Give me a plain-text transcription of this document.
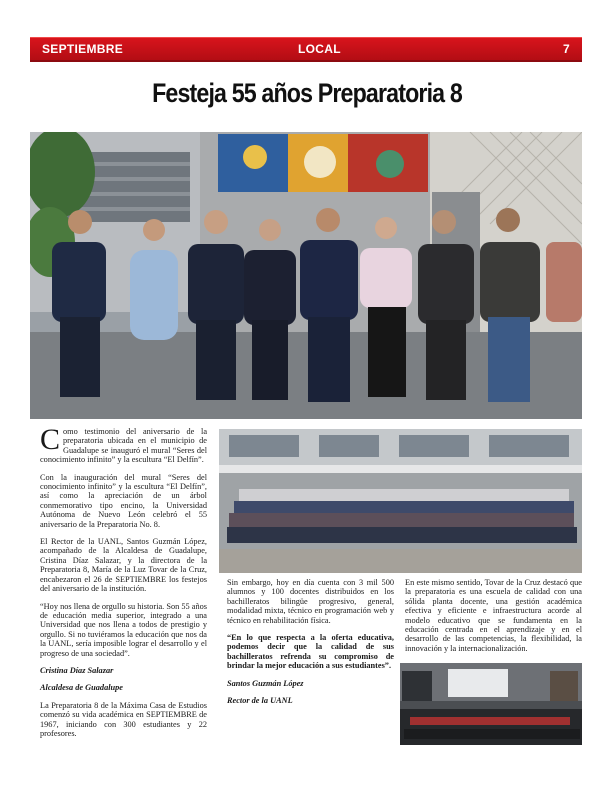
SEPTIEMBRE	LOCAL	7
Festeja 55 años Preparatoria 8

Como testimonio del aniversario de la preparatoria ubicada en el municipio de Guadalupe se inauguró el mural “Seres del conocimiento infinito” y la escultura “El Delfín”.

Con la inauguración del mural “Seres del conocimiento infinito” y la escultura “El Delfín”, así como la apreciación de un árbol conmemorativo tipo encino, la Universidad Autónoma de Nuevo León celebró el 55 aniversario de la Preparatoria No. 8.

El Rector de la UANL, Santos Guzmán López, acompañado de la Alcaldesa de Guadalupe, Cristina Díaz Salazar, y la directora de la Preparatoria 8, María de la Luz Tovar de la Cruz, encabezaron el 26 de SEPTIEMBRE los festejos del aniversario de la institución.

“Hoy nos llena de orgullo su historia. Son 55 años de educación media superior, integrado a una Universidad que nos llena a todos de prestigio y orgullo. Si no tuviéramos la educación que nos da la UANL, sería imposible lograr el desarrollo y el progreso de una sociedad”.

Cristina Díaz Salazar

Alcaldesa de Guadalupe

La Preparatoria 8 de la Máxima Casa de Estudios comenzó su vida académica en SEPTIEMBRE de 1967, iniciando con 300 estudiantes y 22 profesores.

Sin embargo, hoy en día cuenta con 3 mil 500 alumnos y 100 docentes distribuidos en los bachilleratos bilingüe progresivo, general, modalidad mixta, técnico en programación web y técnico en rehabilitación física.

“En lo que respecta a la oferta educativa, podemos decir que la calidad de sus bachilleratos refrenda su compromiso de brindar la mejor educación a sus estudiantes”.

Santos Guzmán López

Rector de la UANL

En este mismo sentido, Tovar de la Cruz destacó que la preparatoria es una escuela de calidad con una sólida planta docente, una gestión académica efectiva y eficiente e infraestructura acorde al modelo educativo que se fundamenta en la educación centrada en el aprendizaje y en el desarrollo de las competencias, la flexibilidad, la innovación y la internacionalización.
